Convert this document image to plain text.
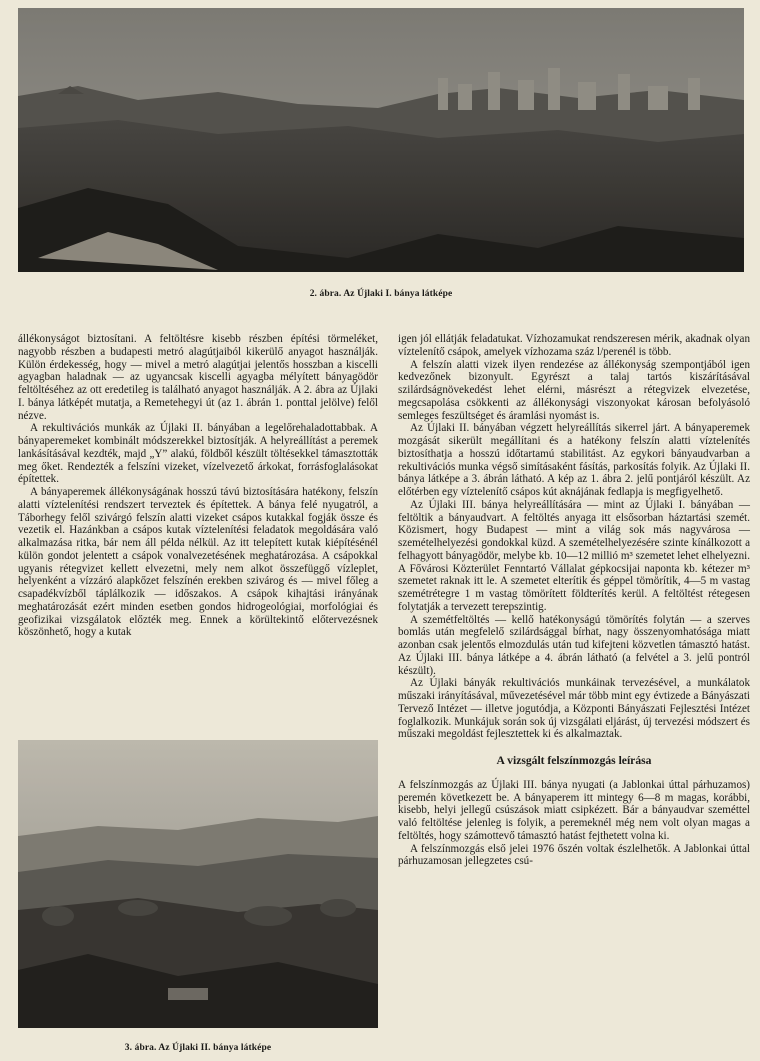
2. ábra. Az Újlaki I. bánya látképe

állékonyságot biztosítani. A feltöltésre kisebb részben építési törmeléket, nagyobb részben a budapesti metró alagútjaiból kikerülő anyagot használják. Külön érdekesség, hogy — mivel a metró alagútjai jelentős hosszban a kiscelli agyagban haladnak — az ugyancsak kiscelli agyagba mélyített bányagödör feltöltéséhez az ott eredetileg is található anyagot használják. A 2. ábra az Újlaki I. bánya látképét mutatja, a Remetehegyi út (az 1. ábrán 1. ponttal jelölve) felől nézve.

A rekultivációs munkák az Újlaki II. bányában a legelőrehaladottabbak. A bányaperemeket kombinált módszerekkel biztosítják. A helyreállítást a peremek lankásításával kezdték, majd „Y” alakú, földből készült töltésekkel támasztották meg őket. Rendezték a felszíni vizeket, vízelvezető árkokat, forrásfoglalásokat építettek.

A bányaperemek állékonyságának hosszú távú biztosítására hatékony, felszín alatti víztelenítési rendszert terveztek és építettek. A bánya felé nyugatról, a Táborhegy felől szivárgó felszín alatti vizeket csápos kutakkal fogják össze és vezetik el. Hazánkban a csápos kutak víztelenítési feladatok megoldására való alkalmazása ritka, bár nem áll példa nélkül. Az itt telepített kutak kiépítésénél külön gondot jelentett a csápok vonalvezetésének meghatározása. A csápokkal ugyanis rétegvizet kellett elvezetni, mely nem alkot összefüggő vízleplet, helyenként a vízzáró alapkőzet felszínén erekben szivárog és — mivel főleg a csapadékvízből táplálkozik — időszakos. A csápok kihajtási irányának meghatározását ezért minden esetben gondos hidrogeológiai, morfológiai és geofizikai vizsgálatok előzték meg. Ennek a körültekintő előtervezésnek köszönhető, hogy a kutak

igen jól ellátják feladatukat. Vízhozamukat rendszeresen mérik, akadnak olyan víztelenítő csápok, amelyek vízhozama száz l/perenél is több.

A felszín alatti vizek ilyen rendezése az állékonyság szempontjából igen kedvezőnek bizonyult. Egyrészt a talaj tartós kiszárításával szilárdságnövekedést lehet elérni, másrészt a rétegvizek elvezetése, megcsapolása csökkenti az állékonysági viszonyokat károsan befolyásoló semleges feszültséget és áramlási nyomást is.

Az Újlaki II. bányában végzett helyreállítás sikerrel járt. A bányaperemek mozgását sikerült megállítani és a hatékony felszín alatti víztelenítés biztosíthatja a hosszú időtartamú stabilitást. Az egykori bányaudvarban a rekultivációs munka végső simításaként fásítás, parkosítás folyik. Az Újlaki II. bánya látképe a 3. ábrán látható. A kép az 1. ábra 2. jelű pontjáról készült. Az előtérben egy víztelenítő csápos kút aknájának fedlapja is megfigyelhető.

Az Újlaki III. bánya helyreállítására — mint az Újlaki I. bányában — feltöltik a bányaudvart. A feltöltés anyaga itt elsősorban háztartási szemét. Közismert, hogy Budapest — mint a világ sok más nagyvárosa — szemételhelyezési gondokkal küzd. A szemételhelyezésére szinte kínálkozott a felhagyott bányagödör, melybe kb. 10—12 millió m³ szemetet lehet elhelyezni. A Fővárosi Közterület Fenntartó Vállalat gépkocsijai naponta kb. kétezer m³ szemetet raknak itt le. A szemetet elterítik és géppel tömörítik, 4—5 m vastag szemétrétegre 1 m vastag tömörített földterítés kerül. A feltöltést rétegesen folytatják a tervezett terepszintig.

A szemétfeltöltés — kellő hatékonyságú tömörítés folytán — a szerves bomlás után megfelelő szilárdsággal bírhat, nagy összenyomhatósága miatt azonban csak jelentős elmozdulás után tud kifejteni közvetlen támasztó hatást. Az Újlaki III. bánya látképe a 4. ábrán látható (a felvétel a 3. jelű pontról készült).

Az Újlaki bányák rekultivációs munkáinak tervezésével, a munkálatok műszaki irányításával, művezetésével már több mint egy évtizede a Bányászati Tervező Intézet — illetve jogutódja, a Központi Bányászati Fejlesztési Intézet foglalkozik. Munkájuk során sok új vizsgálati eljárást, új tervezési módszert és műszaki megoldást fejlesztettek ki és alkalmaztak.

A vizsgált felszínmozgás leírása

A felszínmozgás az Újlaki III. bánya nyugati (a Jablonkai úttal párhuzamos) peremén következett be. A bányaperem itt mintegy 6—8 m magas, korábbi, kisebb, helyi jellegű csúszások miatt csipkézett. Bár a bányaudvar szeméttel való feltöltése jelenleg is folyik, a peremeknél még nem volt olyan magas a feltöltés, hogy számottevő támasztó hatást fejthetett volna ki.

A felszínmozgás első jelei 1976 őszén voltak észlelhetők. A Jablonkai úttal párhuzamosan jellegzetes csú-

3. ábra. Az Újlaki II. bánya látképe
